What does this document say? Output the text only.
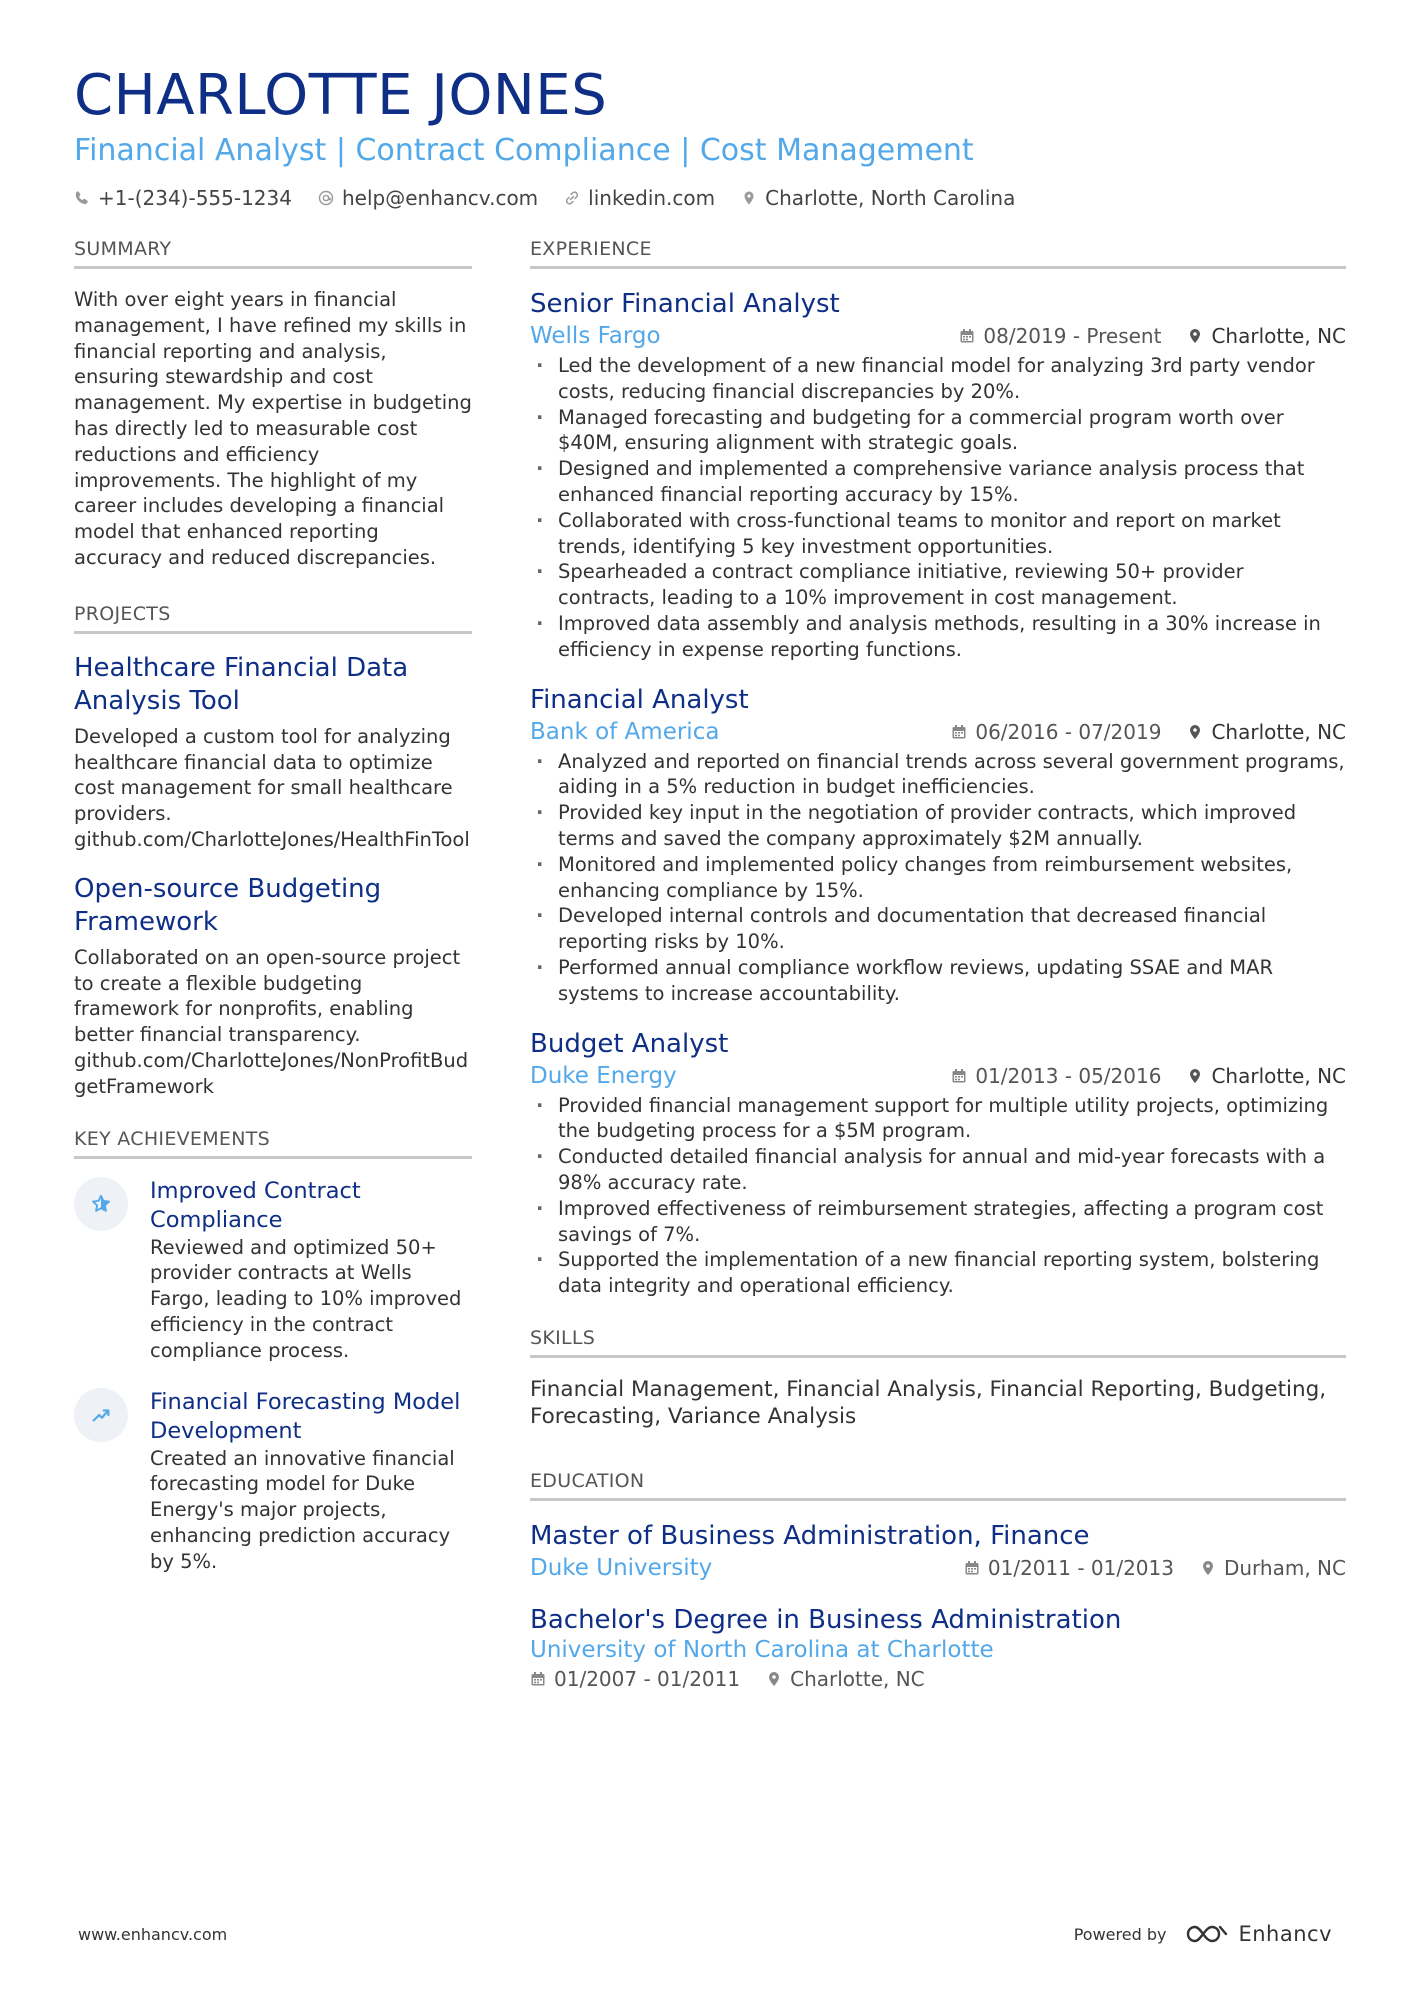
CHARLOTTE JONES
Financial Analyst | Contract Compliance | Cost Management
+1-(234)-555-1234	help@enhancv.com	linkedin.com	Charlotte, North Carolina
SUMMARY

With over eight years in financial management, I have refined my skills in financial reporting and analysis, ensuring stewardship and cost management. My expertise in budgeting has directly led to measurable cost reductions and efficiency improvements. The highlight of my career includes developing a financial model that enhanced reporting accuracy and reduced discrepancies.

PROJECTS
Healthcare Financial Data Analysis Tool

Developed a custom tool for analyzing healthcare financial data to optimize cost management for small healthcare providers.

github.com/CharlotteJones/HealthFinTool

Open-source Budgeting Framework

Collaborated on an open-source project to create a flexible budgeting framework for nonprofits, enabling better financial transparency.

github.com/CharlotteJones/NonProfitBudgetFramework

KEY ACHIEVEMENTS
Improved Contract Compliance

Reviewed and optimized 50+ provider contracts at Wells Fargo, leading to 10% improved efficiency in the contract compliance process.

Financial Forecasting Model Development

Created an innovative financial forecasting model for Duke Energy's major projects, enhancing prediction accuracy by 5%.

EXPERIENCE
Senior Financial Analyst
Wells Fargo	08/2019 - Present	Charlotte, NC
· Led the development of a new financial model for analyzing 3rd party vendor costs, reducing financial discrepancies by 20%.
· Managed forecasting and budgeting for a commercial program worth over $40M, ensuring alignment with strategic goals.
· Designed and implemented a comprehensive variance analysis process that enhanced financial reporting accuracy by 15%.
· Collaborated with cross-functional teams to monitor and report on market trends, identifying 5 key investment opportunities.
· Spearheaded a contract compliance initiative, reviewing 50+ provider contracts, leading to a 10% improvement in cost management.
· Improved data assembly and analysis methods, resulting in a 30% increase in efficiency in expense reporting functions.
Financial Analyst
Bank of America	06/2016 - 07/2019	Charlotte, NC
· Analyzed and reported on financial trends across several government programs, aiding in a 5% reduction in budget inefficiencies.
· Provided key input in the negotiation of provider contracts, which improved terms and saved the company approximately $2M annually.
· Monitored and implemented policy changes from reimbursement websites, enhancing compliance by 15%.
· Developed internal controls and documentation that decreased financial reporting risks by 10%.
· Performed annual compliance workflow reviews, updating SSAE and MAR systems to increase accountability.
Budget Analyst
Duke Energy	01/2013 - 05/2016	Charlotte, NC
· Provided financial management support for multiple utility projects, optimizing the budgeting process for a $5M program.
· Conducted detailed financial analysis for annual and mid-year forecasts with a 98% accuracy rate.
· Improved effectiveness of reimbursement strategies, affecting a program cost savings of 7%.
· Supported the implementation of a new financial reporting system, bolstering data integrity and operational efficiency.
SKILLS

Financial Management, Financial Analysis, Financial Reporting, Budgeting, Forecasting, Variance Analysis

EDUCATION
Master of Business Administration, Finance
Duke University	01/2011 - 01/2013	Durham, NC
Bachelor's Degree in Business Administration
University of North Carolina at Charlotte
01/2007 - 01/2011	Charlotte, NC
www.enhancv.com	Powered by	Enhancv
